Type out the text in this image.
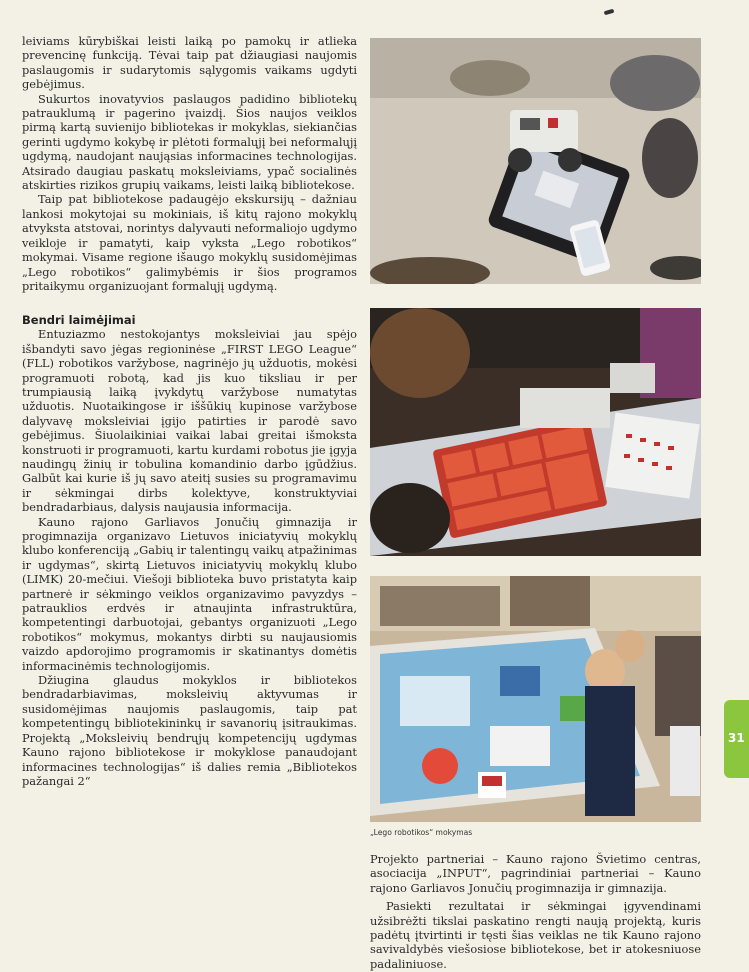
leiviams kūrybiškai leisti laiką po pamokų ir atlieka prevencinę funkciją. Tėvai taip pat džiaugiasi naujomis paslaugomis ir sudarytomis sąlygomis vaikams ugdyti gebėjimus.

Sukurtos inovatyvios paslaugos padidino bibliotekų patrauklumą ir pagerino įvaizdį. Šios naujos veiklos pirmą kartą suvienijo bibliotekas ir mokyklas, siekiančias gerinti ugdymo kokybę ir plėtoti formalųjį bei neformalųjį ugdymą, naudojant naująsias informacines technologijas. Atsirado daugiau paskatų moksleiviams, ypač socialinės atskirties rizikos grupių vaikams, leisti laiką bibliotekose.

Taip pat bibliotekose padaugėjo ekskursijų – dažniau lankosi mokytojai su mokiniais, iš kitų rajono mokyklų atvyksta atstovai, norintys dalyvauti neformaliojo ugdymo veikloje ir pamatyti, kaip vyksta „Lego robotikos“ mokymai. Visame regione išaugo mokyklų susidomėjimas „Lego robotikos“ galimybėmis ir šios programos pritaikymu organizuojant formalųjį ugdymą.

Bendri laimėjimai

Entuziazmo nestokojantys moksleiviai jau spėjo išbandyti savo jėgas regioninėse „FIRST LEGO League“ (FLL) robotikos varžybose, nagrinėjo jų užduotis, mokėsi programuoti robotą, kad jis kuo tiksliau ir per trumpiausią laiką įvykdytų varžybose numatytas užduotis. Nuotaikingose ir iššūkių kupinose varžybose dalyvavę moksleiviai įgijo patirties ir parodė savo gebėjimus. Šiuolaikiniai vaikai labai greitai išmoksta konstruoti ir programuoti, kartu kurdami robotus jie įgyja naudingų žinių ir tobulina komandinio darbo įgūdžius. Galbūt kai kurie iš jų savo ateitį susies su programavimu ir sėkmingai dirbs kolektyve, konstruktyviai bendradarbiaus, dalysis naujausia informacija.

Kauno rajono Garliavos Jonučių gimnazija ir progimnazija organizavo Lietuvos iniciatyvių mokyklų klubo konferenciją „Gabių ir talentingų vaikų atpažinimas ir ugdymas“, skirtą Lietuvos iniciatyvių mokyklų klubo (LIMK) 20-mečiui. Viešoji biblioteka buvo pristatyta kaip partnerė ir sėkmingo veiklos organizavimo pavyzdys – patrauklios erdvės ir atnaujinta infrastruktūra, kompetentingi darbuotojai, gebantys organizuoti „Lego robotikos“ mokymus, mokantys dirbti su naujausiomis vaizdo apdorojimo programomis ir skatinantys domėtis informacinėmis technologijomis.

Džiugina glaudus mokyklos ir bibliotekos bendradarbiavimas, moksleivių aktyvumas ir susidomėjimas naujomis paslaugomis, taip pat kompetentingų bibliotekininkų ir savanorių įsitraukimas. Projektą „Moksleivių bendrųjų kompetencijų ugdymas Kauno rajono bibliotekose ir mokyklose panaudojant informacines technologijas“ iš dalies remia „Bibliotekos pažangai 2“

„Lego robotikos“ mokymas

Projekto partneriai – Kauno rajono Švietimo centras, asociacija „INPUT“, pagrindiniai partneriai – Kauno rajono Garliavos Jonučių progimnazija ir gimnazija.

Pasiekti rezultatai ir sėkmingai įgyvendinami užsibrėžti tikslai paskatino rengti naują projektą, kuris padėtų įtvirtinti ir tęsti šias veiklas ne tik Kauno rajono savivaldybės viešosiose bibliotekose, bet ir atokesniuose padaliniuose.

31
